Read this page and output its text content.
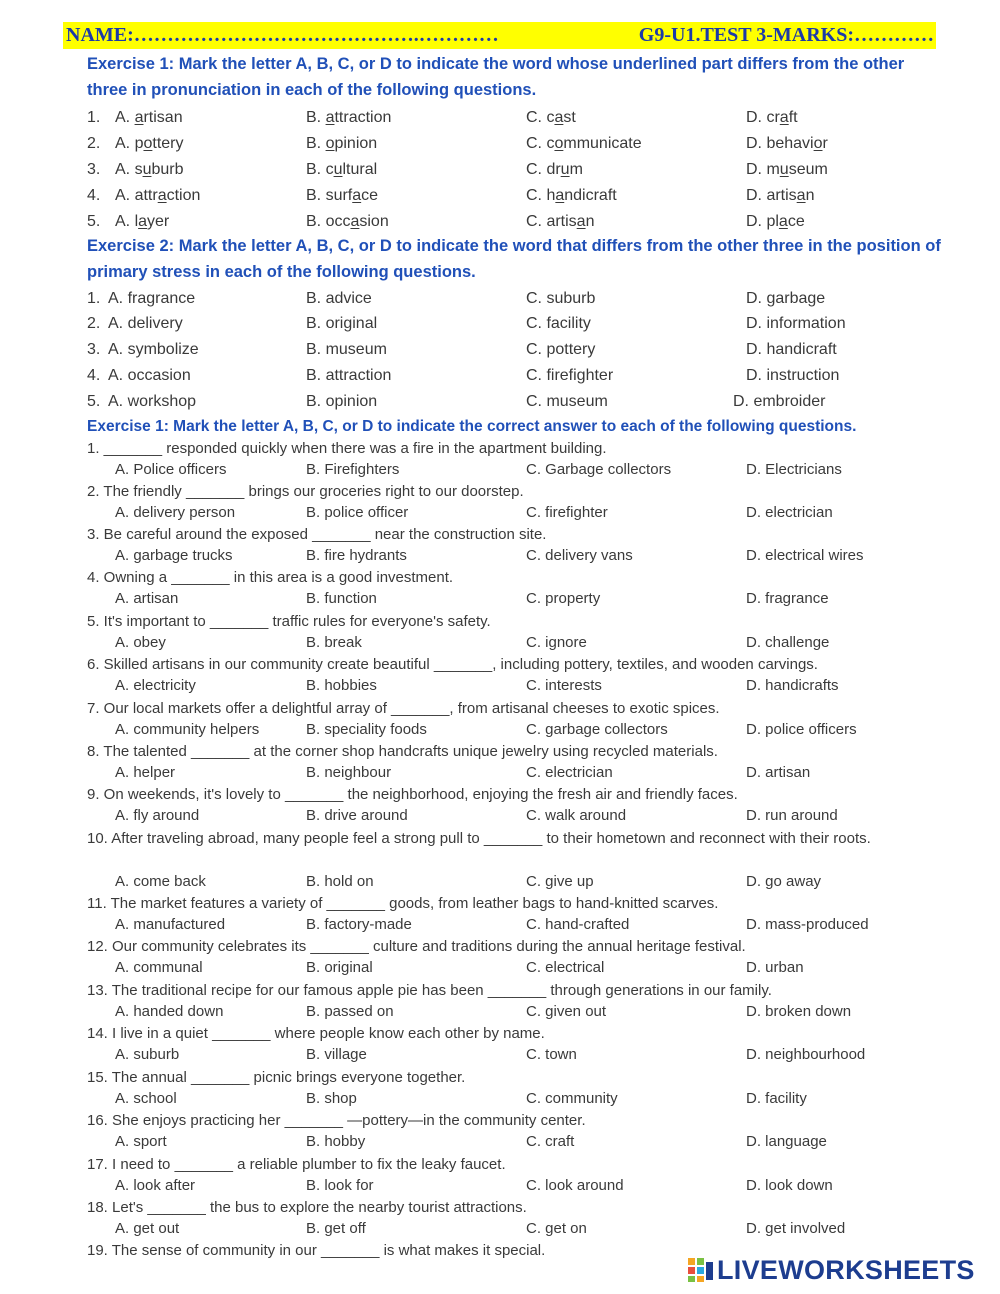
NAME:…………………………………….…………	G9-U1.TEST 3-MARKS:…………
Exercise 1: Mark the letter A, B, C, or D to indicate the word whose underlined part differs from the other three in pronunciation in each of the following questions.
1. A. artisan	B. attraction	C. cast	D. craft
2. A. pottery	B. opinion	C. communicate	D. behavior
3. A. suburb	B. cultural	C. drum	D. museum
4. A. attraction	B. surface	C. handicraft	D. artisan
5. A. layer	B. occasion	C. artisan	D. place
Exercise 2: Mark the letter A, B, C, or D to indicate the word that differs from the other three in the position of primary stress in each of the following questions.
1. A. fragrance	B. advice	C. suburb	D. garbage
2. A. delivery	B. original	C. facility	D. information
3. A. symbolize	B. museum	C. pottery	D. handicraft
4. A. occasion	B. attraction	C. firefighter	D. instruction
5. A. workshop	B. opinion	C. museum	D. embroider
Exercise 1: Mark the letter A, B, C, or D to indicate the correct answer to each of the following questions.
1. _______ responded quickly when there was a fire in the apartment building.
A. Police officers	B. Firefighters	C. Garbage collectors	D. Electricians
2. The friendly _______ brings our groceries right to our doorstep.
A. delivery person	B. police officer	C. firefighter	D. electrician
3. Be careful around the exposed _______ near the construction site.
A. garbage trucks	B. fire hydrants	C. delivery vans	D. electrical wires
4. Owning a _______ in this area is a good investment.
A. artisan	B. function	C. property	D. fragrance
5. It's important to _______ traffic rules for everyone's safety.
A. obey	B. break	C. ignore	D. challenge
6. Skilled artisans in our community create beautiful _______, including pottery, textiles, and wooden carvings.
A. electricity	B. hobbies	C. interests	D. handicrafts
7. Our local markets offer a delightful array of _______, from artisanal cheeses to exotic spices.
A. community helpers	B. speciality foods	C. garbage collectors	D. police officers
8. The talented _______ at the corner shop handcrafts unique jewelry using recycled materials.
A. helper	B. neighbour	C. electrician	D. artisan
9. On weekends, it's lovely to _______ the neighborhood, enjoying the fresh air and friendly faces.
A. fly around	B. drive around	C. walk around	D. run around
10. After traveling abroad, many people feel a strong pull to _______ to their hometown and reconnect with their roots.
A. come back	B. hold on	C. give up	D. go away
11. The market features a variety of _______ goods, from leather bags to hand-knitted scarves.
A. manufactured	B. factory-made	C. hand-crafted	D. mass-produced
12. Our community celebrates its _______ culture and traditions during the annual heritage festival.
A. communal	B. original	C. electrical	D. urban
13. The traditional recipe for our famous apple pie has been _______ through generations in our family.
A. handed down	B. passed on	C. given out	D. broken down
14. I live in a quiet _______ where people know each other by name.
A. suburb	B. village	C. town	D. neighbourhood
15. The annual _______ picnic brings everyone together.
A. school	B. shop	C. community	D. facility
16. She enjoys practicing her _______ —pottery—in the community center.
A. sport	B. hobby	C. craft	D. language
17. I need to _______ a reliable plumber to fix the leaky faucet.
A. look after	B. look for	C. look around	D. look down
18. Let's _______ the bus to explore the nearby tourist attractions.
A. get out	B. get off	C. get on	D. get involved
19. The sense of community in our _______ is what makes it special.
LIVEWORKSHEETS
